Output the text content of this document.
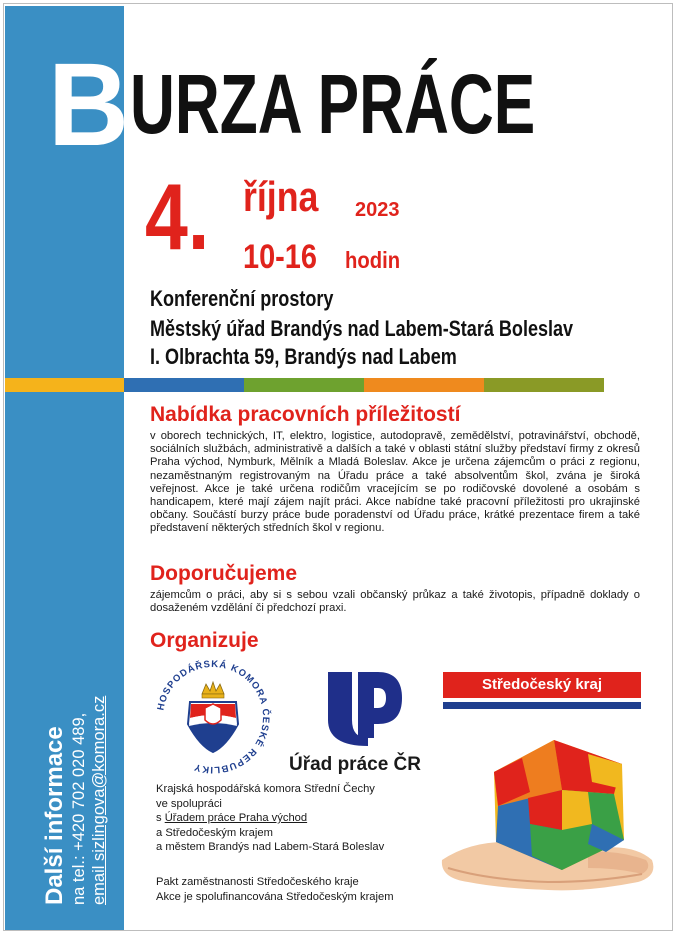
B URZA PRÁCE
4. října 2023
10-16 hodin
Konferenční prostory
Městský úřad Brandýs nad Labem-Stará Boleslav
I. Olbrachta 59, Brandýs nad Labem
Nabídka pracovních příležitostí
v oborech technických, IT, elektro, logistice, autodopravě, zemědělství, potravinářství, obchodě, sociálních službách, administrativě a dalších a také v oblasti státní služby představí firmy z okresů Praha východ, Nymburk, Mělník a Mladá Boleslav. Akce je určena zájemcům o práci z regionu, nezaměstnaným registrovaným na Úřadu práce a také absolventům škol, zvána je široká veřejnost. Akce je také určena rodičům vracejícím se po rodičovské dovolené a osobám s handicapem, které mají zájem najít práci. Akce nabídne také pracovní příležitosti pro ukrajinské občany. Součástí burzy práce bude poradenství od Úřadu práce, krátké prezentace firem a také představení některých středních škol v regionu.
Doporučujeme
zájemcům o práci, aby si s sebou vzali občanský průkaz a také životopis, případně doklady o dosaženém vzdělání či předchozí praxi.
Organizuje
HOSPODÁŘSKÁ KOMORA ČESKÉ REPUBLIKY	Úřad práce ČR
Středočeský kraj
Další informace na tel.: +420 702 020 489, email sizlingova@komora.cz	Krajská hospodářská komora Střední Čechy
ve spolupráci
s Úřadem práce Praha východ
a Středočeským krajem
a městem Brandýs nad Labem-Stará Boleslav
Pakt zaměstnanosti Středočeského kraje
Akce je spolufinancována Středočeským krajem
